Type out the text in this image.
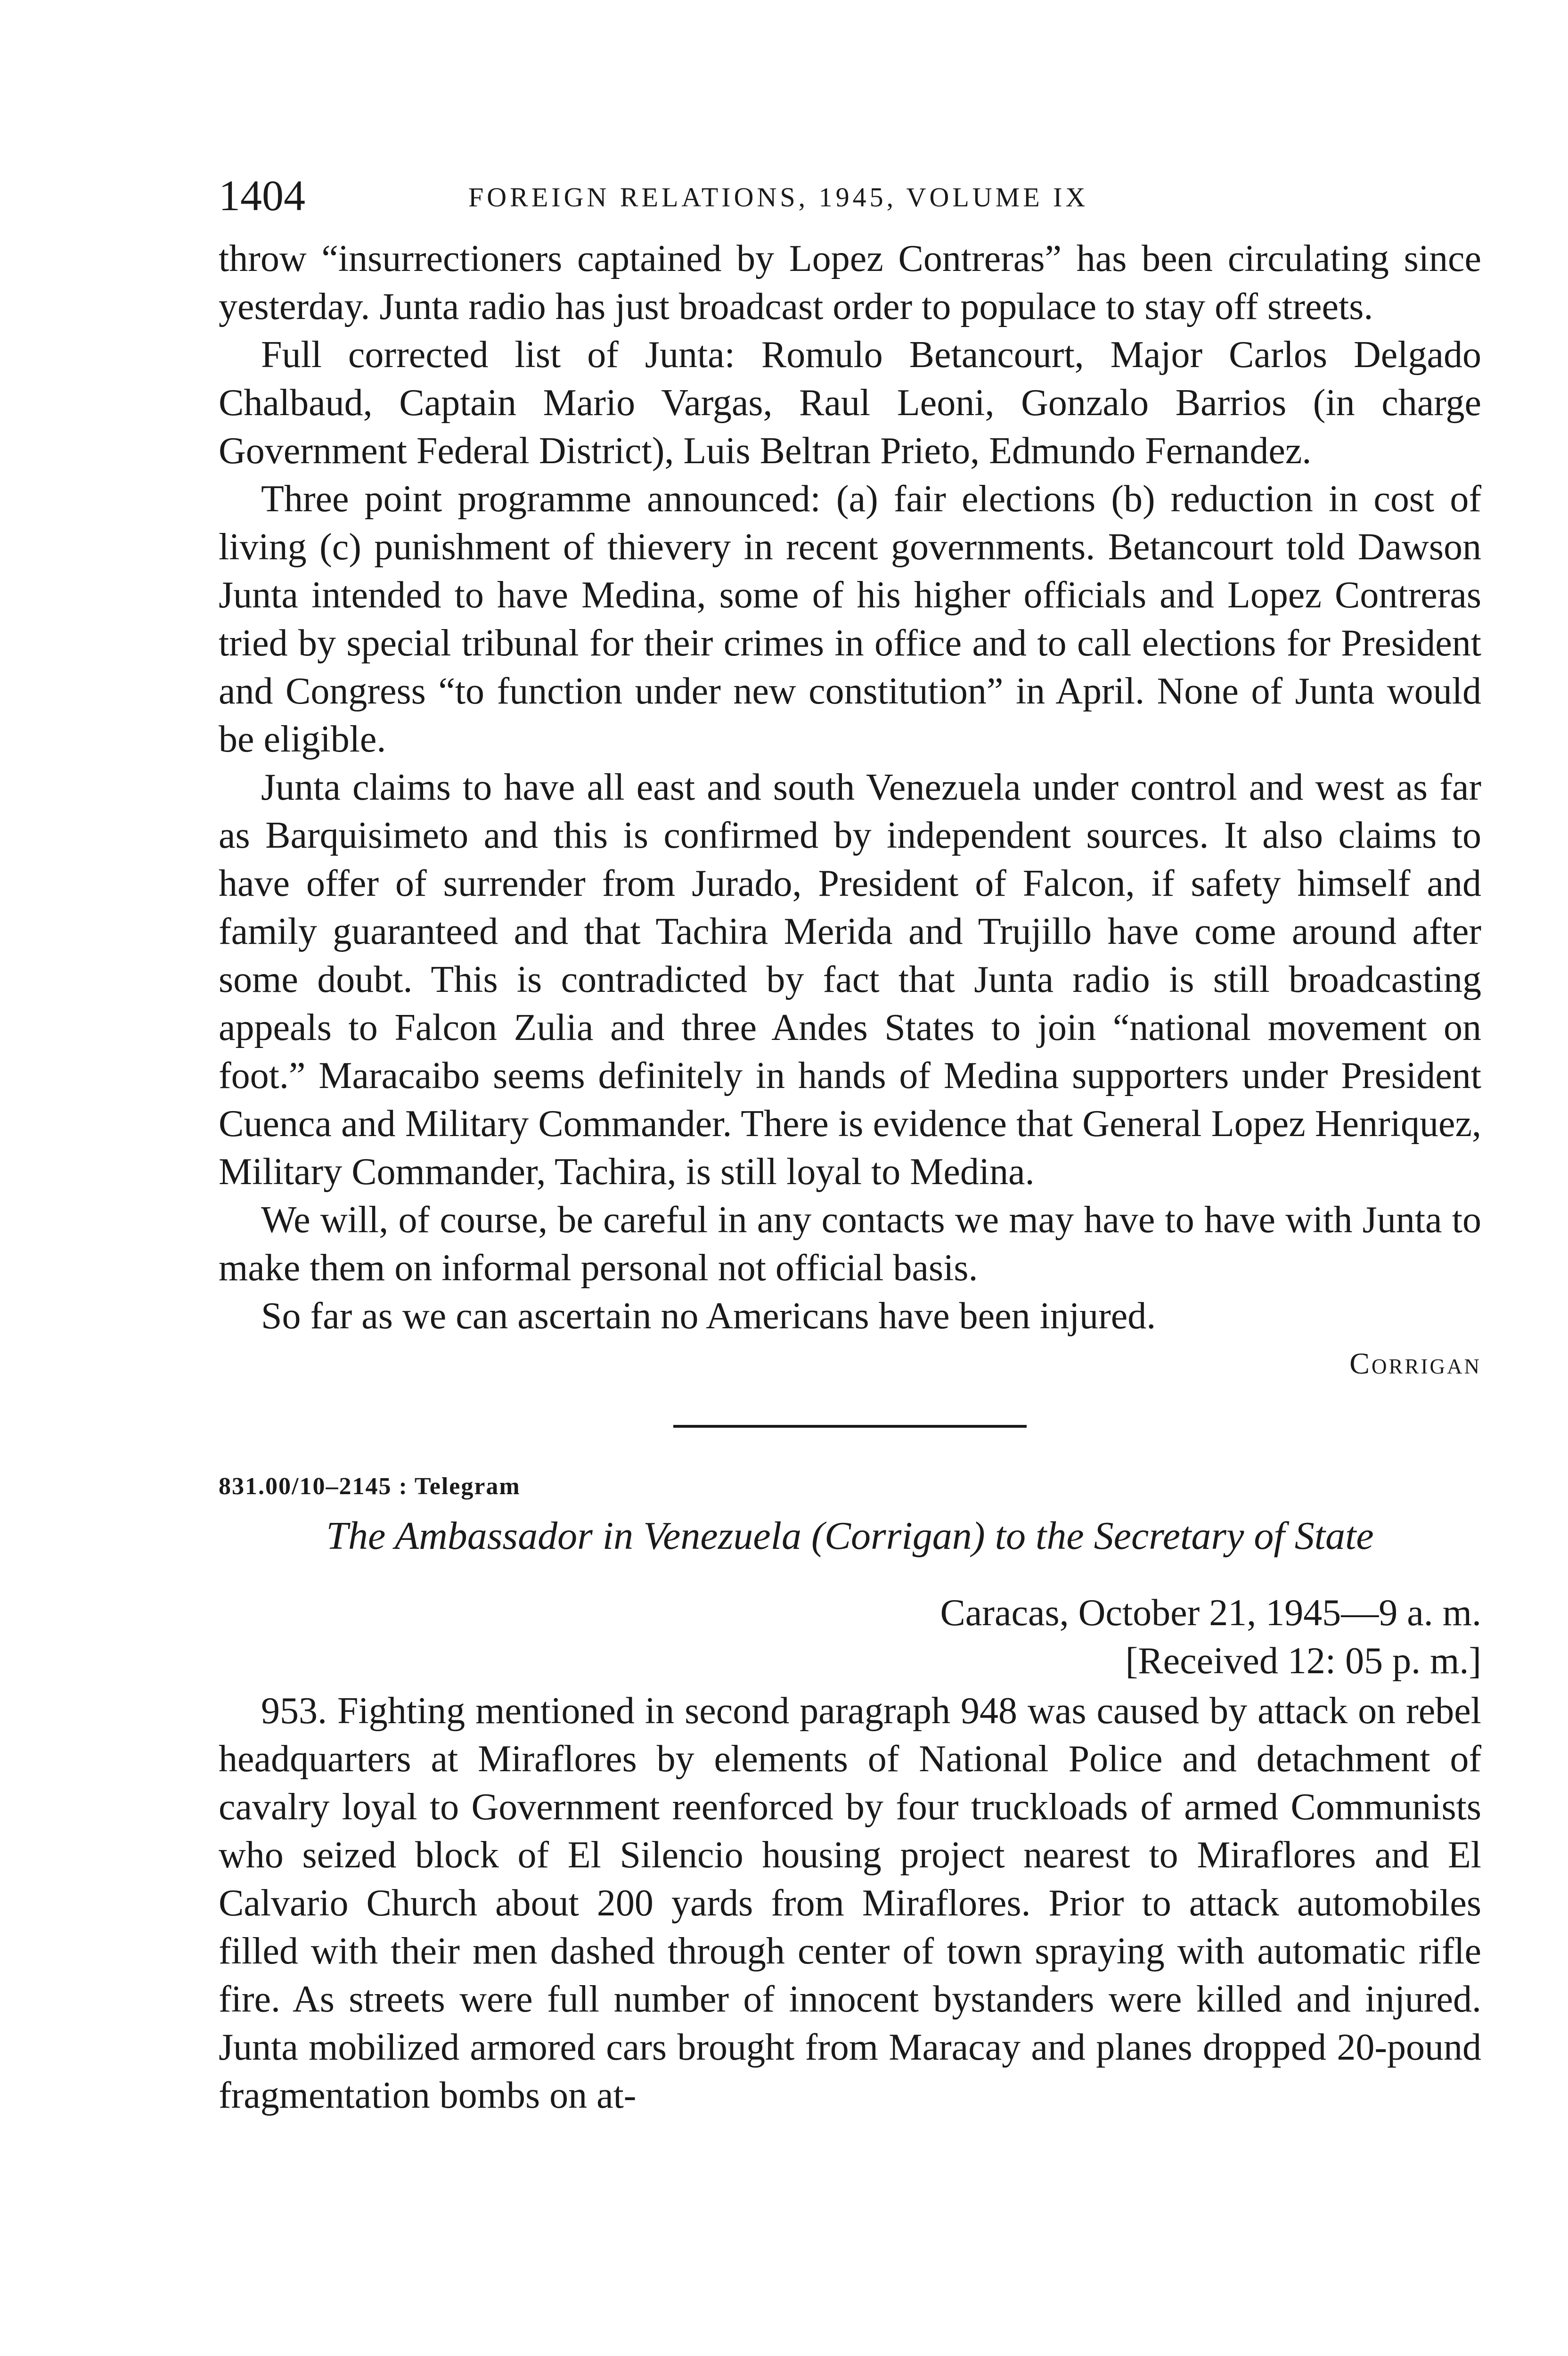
1404	FOREIGN RELATIONS, 1945, VOLUME IX

throw “insurrectioners captained by Lopez Contreras” has been circulating since yesterday. Junta radio has just broadcast order to populace to stay off streets.

Full corrected list of Junta: Romulo Betancourt, Major Carlos Delgado Chalbaud, Captain Mario Vargas, Raul Leoni, Gonzalo Barrios (in charge Government Federal District), Luis Beltran Prieto, Edmundo Fernandez.

Three point programme announced: (a) fair elections (b) reduction in cost of living (c) punishment of thievery in recent governments. Betancourt told Dawson Junta intended to have Medina, some of his higher officials and Lopez Contreras tried by special tribunal for their crimes in office and to call elections for President and Congress “to function under new constitution” in April. None of Junta would be eligible.

Junta claims to have all east and south Venezuela under control and west as far as Barquisimeto and this is confirmed by independent sources. It also claims to have offer of surrender from Jurado, President of Falcon, if safety himself and family guaranteed and that Tachira Merida and Trujillo have come around after some doubt. This is contradicted by fact that Junta radio is still broadcasting appeals to Falcon Zulia and three Andes States to join “national movement on foot.” Maracaibo seems definitely in hands of Medina supporters under President Cuenca and Military Commander. There is evidence that General Lopez Henriquez, Military Commander, Tachira, is still loyal to Medina.

We will, of course, be careful in any contacts we may have to have with Junta to make them on informal personal not official basis.

So far as we can ascertain no Americans have been injured.

Corrigan

831.00/10–2145 : Telegram

The Ambassador in Venezuela (Corrigan) to the Secretary of State

Caracas, October 21, 1945—9 a. m.

[Received 12: 05 p. m.]

953. Fighting mentioned in second paragraph 948 was caused by attack on rebel headquarters at Miraflores by elements of National Police and detachment of cavalry loyal to Government reenforced by four truckloads of armed Communists who seized block of El Silencio housing project nearest to Miraflores and El Calvario Church about 200 yards from Miraflores. Prior to attack automobiles filled with their men dashed through center of town spraying with automatic rifle fire. As streets were full number of innocent bystanders were killed and injured. Junta mobilized armored cars brought from Maracay and planes dropped 20-pound fragmentation bombs on at-
